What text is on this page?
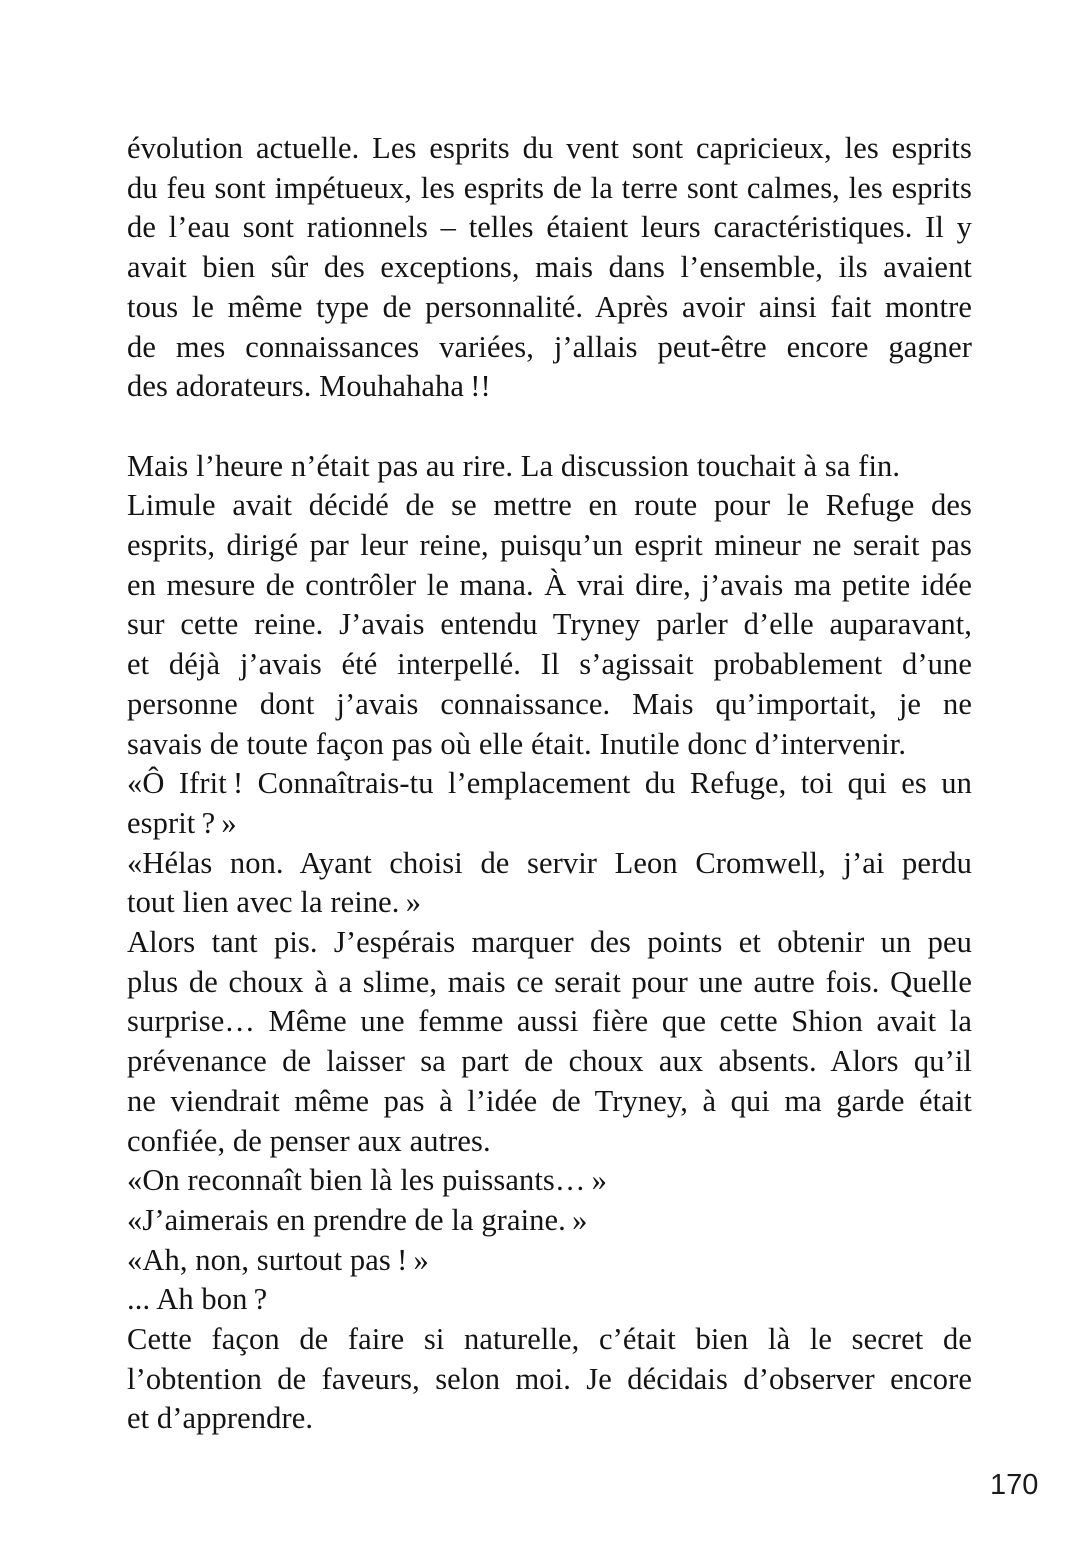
évolution actuelle. Les esprits du vent sont capricieux, les esprits
du feu sont impétueux, les esprits de la terre sont calmes, les esprits
de l’eau sont rationnels – telles étaient leurs caractéristiques. Il y
avait bien sûr des exceptions, mais dans l’ensemble, ils avaient
tous le même type de personnalité. Après avoir ainsi fait montre
de mes connaissances variées, j’allais peut-être encore gagner
des adorateurs. Mouhahaha !!

Mais l’heure n’était pas au rire. La discussion touchait à sa fin.

Limule avait décidé de se mettre en route pour le Refuge des
esprits, dirigé par leur reine, puisqu’un esprit mineur ne serait pas
en mesure de contrôler le mana. À vrai dire, j’avais ma petite idée
sur cette reine. J’avais entendu Tryney parler d’elle auparavant,
et déjà j’avais été interpellé. Il s’agissait probablement d’une
personne dont j’avais connaissance. Mais qu’importait, je ne
savais de toute façon pas où elle était. Inutile donc d’intervenir.

«Ô Ifrit ! Connaîtrais-tu l’emplacement du Refuge, toi qui es un
esprit ? »

«Hélas non. Ayant choisi de servir Leon Cromwell, j’ai perdu
tout lien avec la reine. »

Alors tant pis. J’espérais marquer des points et obtenir un peu
plus de choux à a slime, mais ce serait pour une autre fois. Quelle
surprise… Même une femme aussi fière que cette Shion avait la
prévenance de laisser sa part de choux aux absents. Alors qu’il
ne viendrait même pas à l’idée de Tryney, à qui ma garde était
confiée, de penser aux autres.

«On reconnaît bien là les puissants… »

«J’aimerais en prendre de la graine. »

«Ah, non, surtout pas ! »

... Ah bon ?

Cette façon de faire si naturelle, c’était bien là le secret de
l’obtention de faveurs, selon moi. Je décidais d’observer encore
et d’apprendre.

170
